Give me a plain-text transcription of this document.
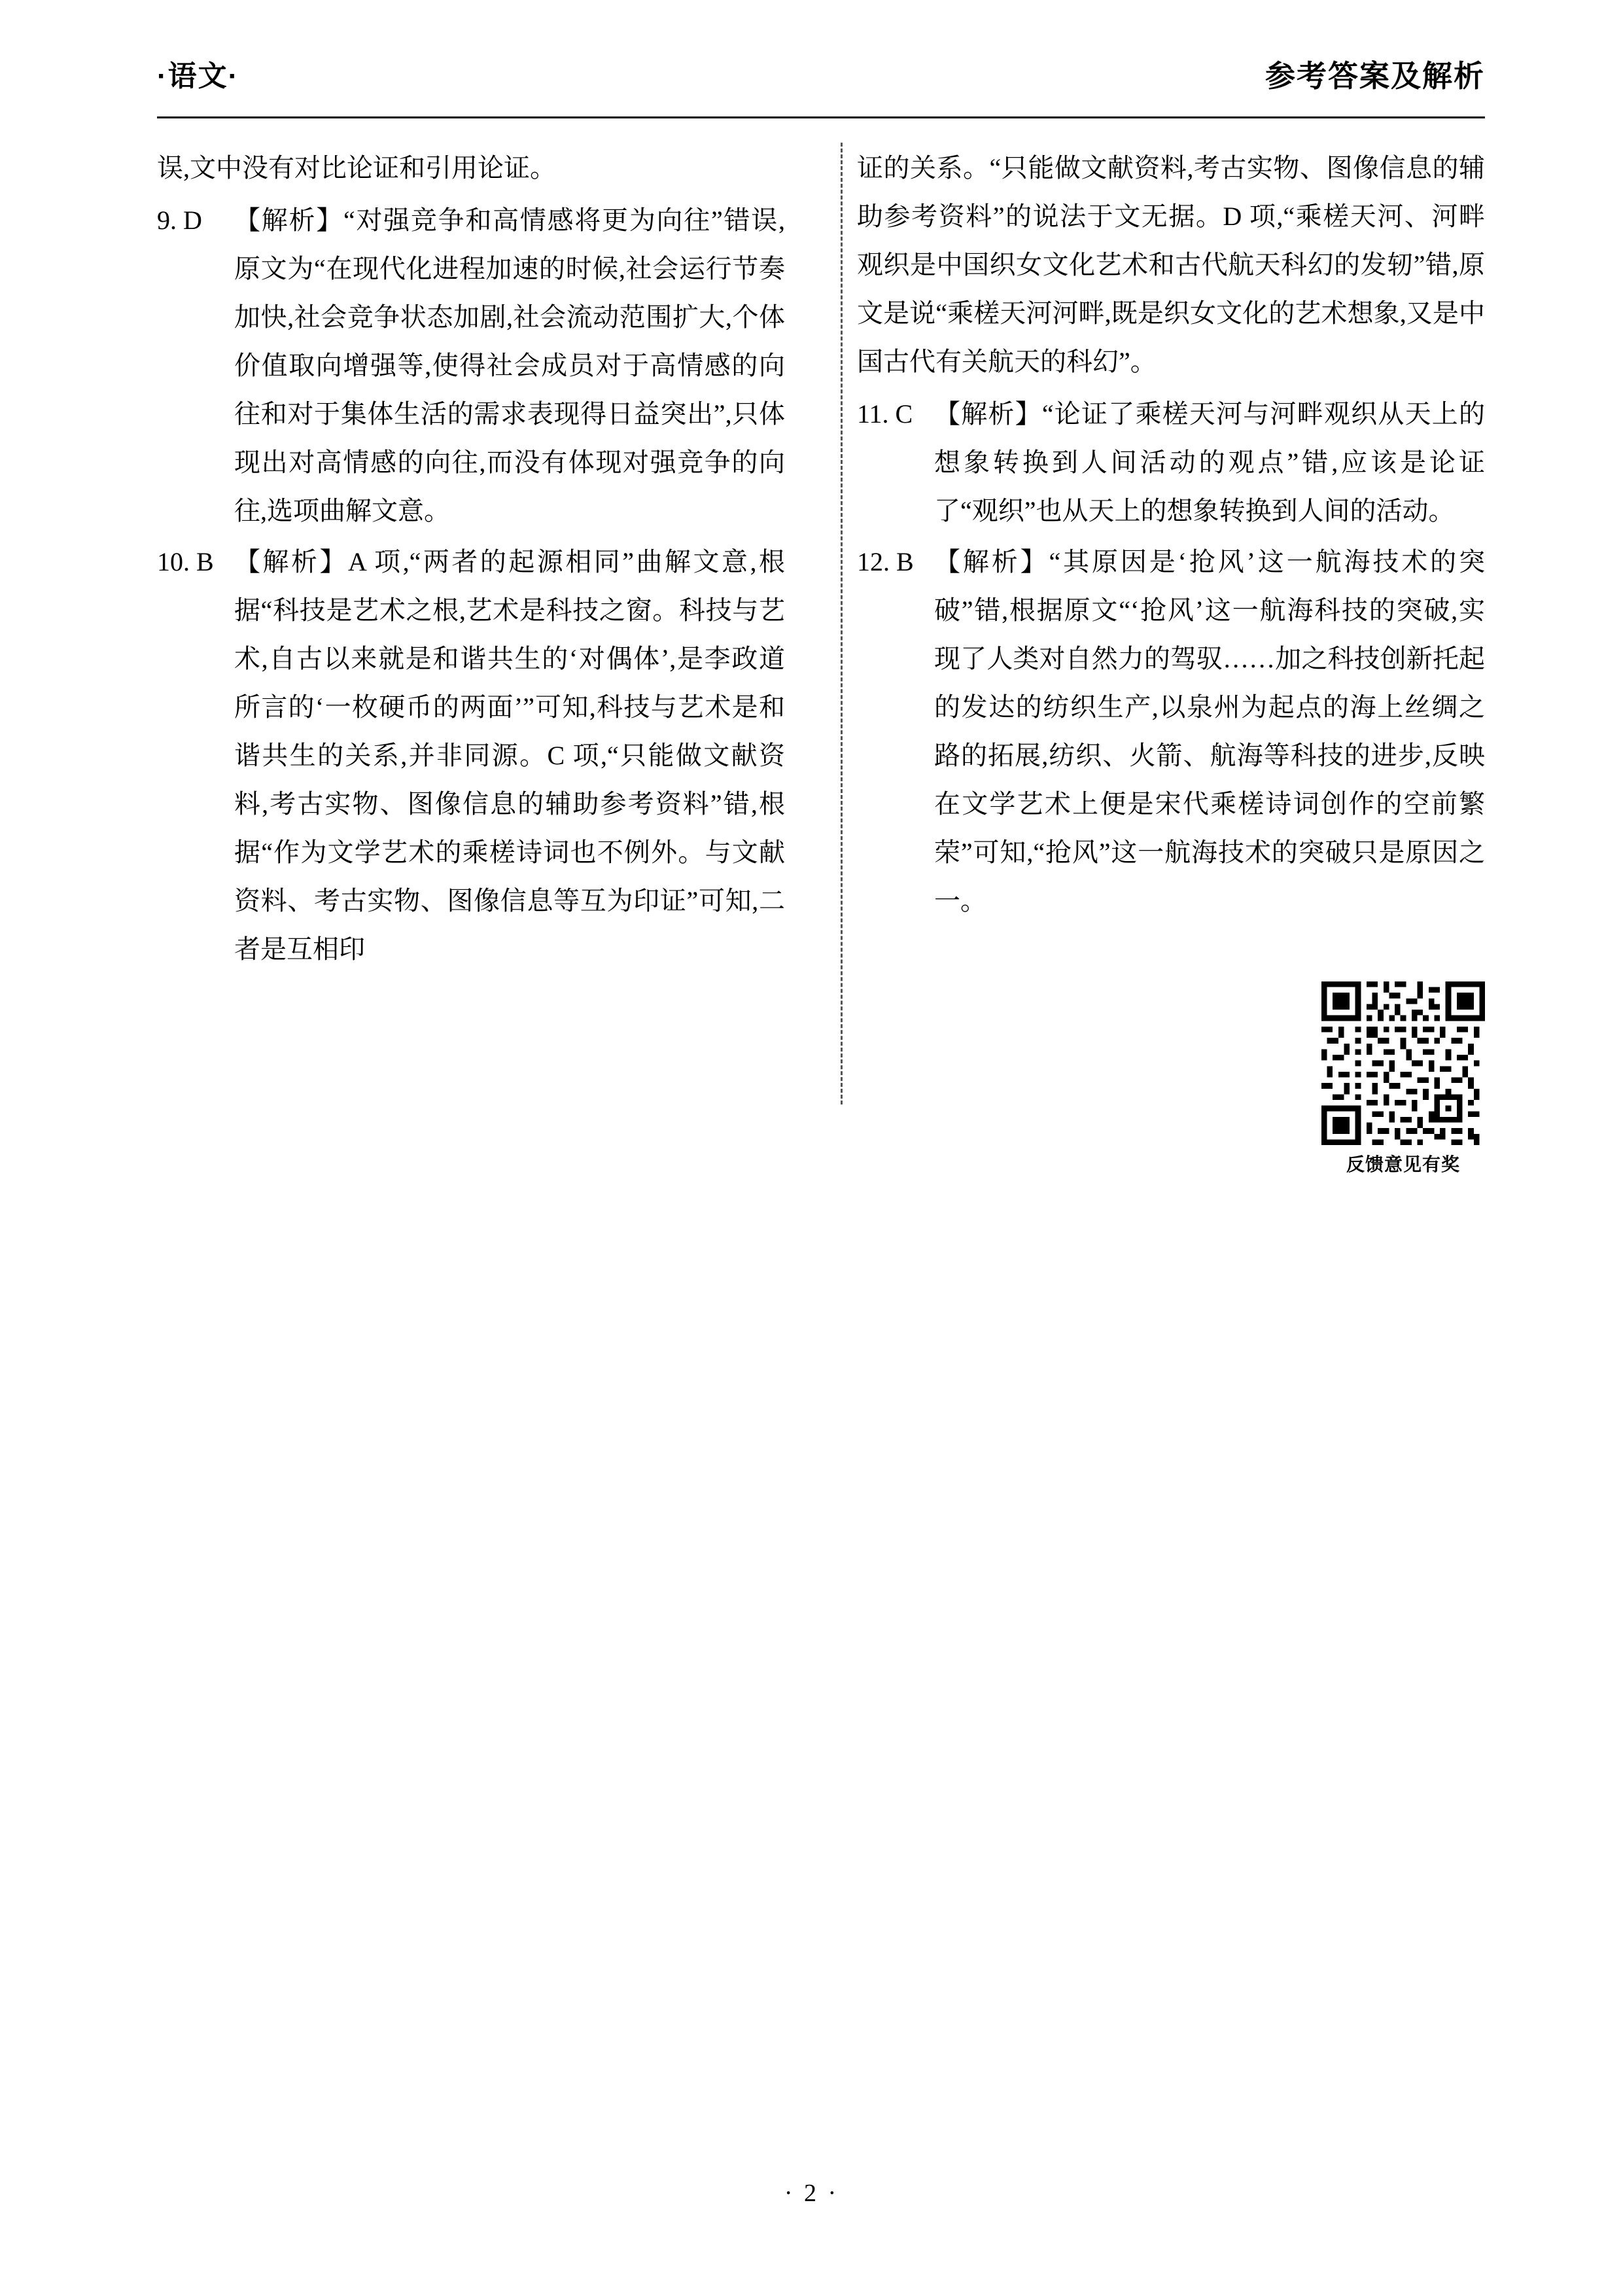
·语文·	参考答案及解析

误,文中没有对比论证和引用论证。

9. D	【解析】“对强竞争和高情感将更为向往”错误,原文为“在现代化进程加速的时候,社会运行节奏加快,社会竞争状态加剧,社会流动范围扩大,个体价值取向增强等,使得社会成员对于高情感的向往和对于集体生活的需求表现得日益突出”,只体现出对高情感的向往,而没有体现对强竞争的向往,选项曲解文意。
10. B 【解析】A 项,“两者的起源相同”曲解文意,根据“科技是艺术之根,艺术是科技之窗。科技与艺术,自古以来就是和谐共生的‘对偶体’,是李政道所言的‘一枚硬币的两面’”可知,科技与艺术是和谐共生的关系,并非同源。C 项,“只能做文献资料,考古实物、图像信息的辅助参考资料”错,根据“作为文学艺术的乘槎诗词也不例外。与文献资料、考古实物、图像信息等互为印证”可知,二者是互相印

证的关系。“只能做文献资料,考古实物、图像信息的辅助参考资料”的说法于文无据。D 项,“乘槎天河、河畔观织是中国织女文化艺术和古代航天科幻的发轫”错,原文是说“乘槎天河河畔,既是织女文化的艺术想象,又是中国古代有关航天的科幻”。

11. C 【解析】“论证了乘槎天河与河畔观织从天上的想象转换到人间活动的观点”错,应该是论证了“观织”也从天上的想象转换到人间的活动。
12. B 【解析】“其原因是‘抢风’这一航海技术的突破”错,根据原文“‘抢风’这一航海科技的突破,实现了人类对自然力的驾驭……加之科技创新托起的发达的纺织生产,以泉州为起点的海上丝绸之路的拓展,纺织、火箭、航海等科技的进步,反映在文学艺术上便是宋代乘槎诗词创作的空前繁荣”可知,“抢风”这一航海技术的突破只是原因之一。
反馈意见有奖
· 2 ·
